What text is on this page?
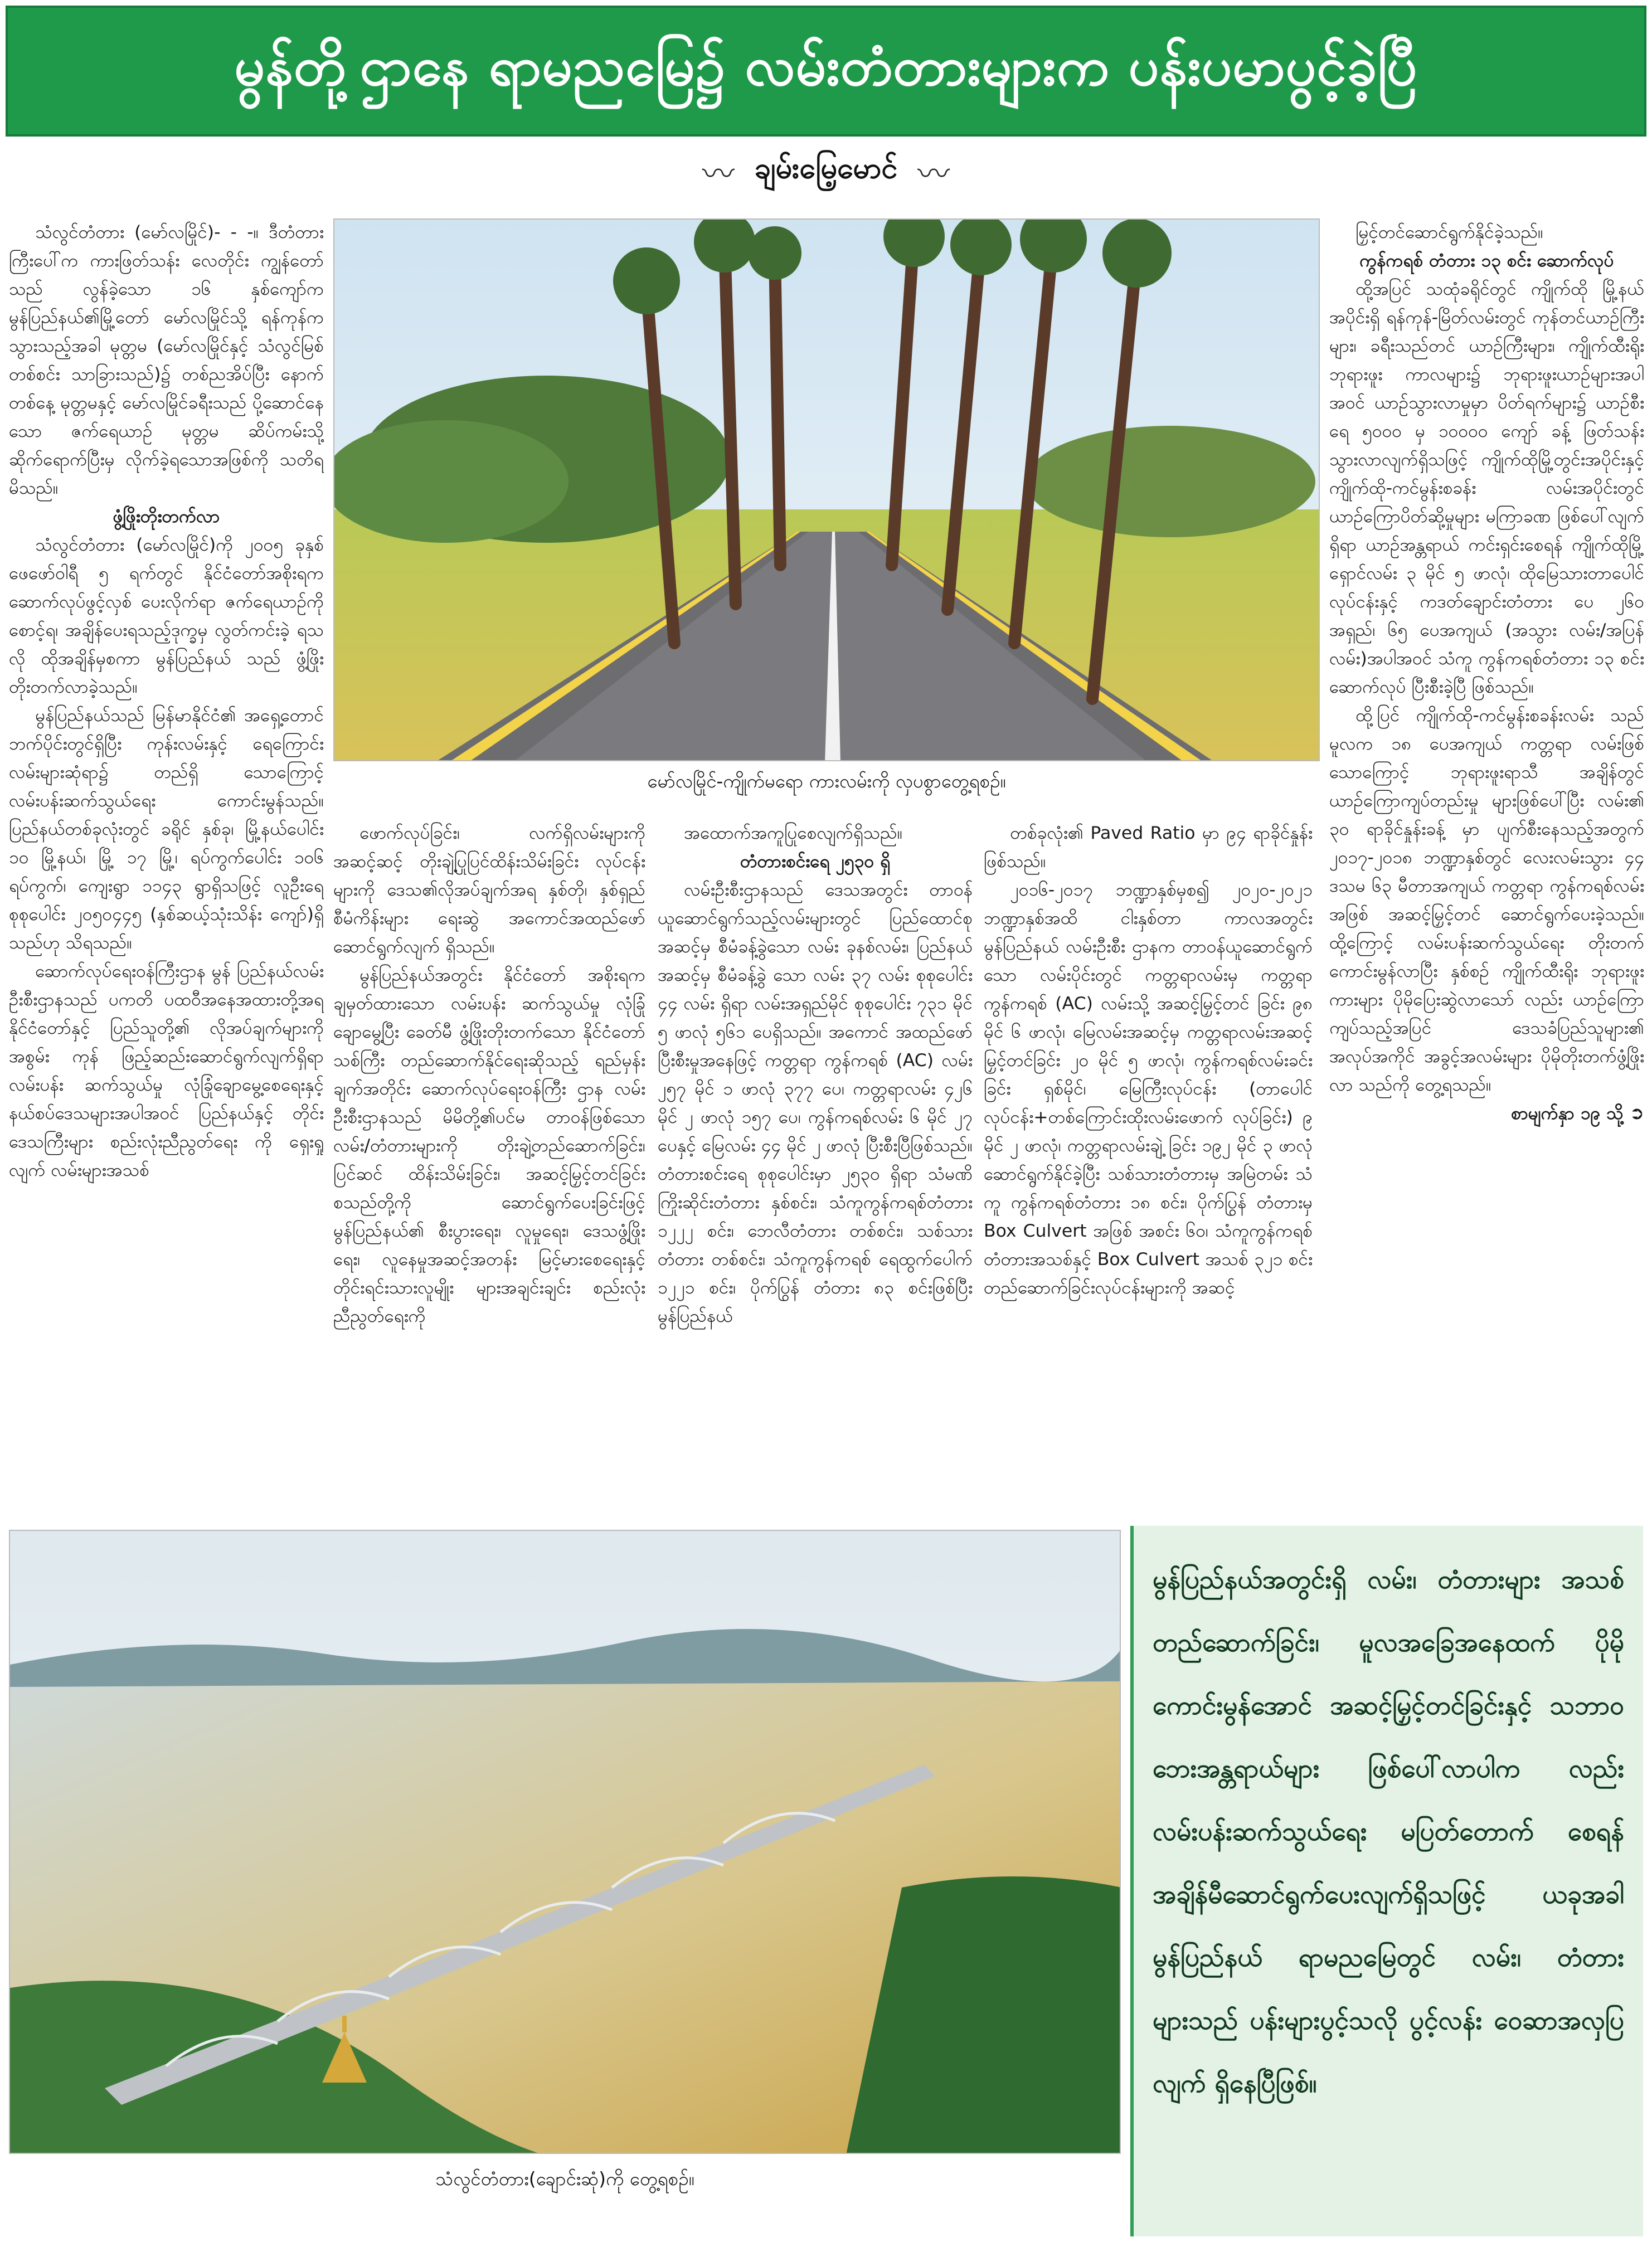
မွန်တို့ဌာနေ ရာမညမြေ၌ လမ်းတံတားများက ပန်းပမာပွင့်ခဲ့ပြီ
〰 ချမ်းမြေ့မောင် 〰

သံလွင်တံတား (မော်လမြိုင်)- - -။ ဒီတံတားကြီးပေါ်က ကားဖြတ်သန်း လေတိုင်း ကျွန်တော်သည် လွန်ခဲ့သော ၁၆ နှစ်ကျော်က မွန်ပြည်နယ်၏မြို့တော် မော်လမြိုင်သို့ ရန်ကုန်က သွားသည့်အခါ မုတ္တမ (မော်လမြိုင်နှင့် သံလွင်မြစ်တစ်စင်း သာခြားသည်)၌ တစ်ညအိပ်ပြီး နောက် တစ်နေ့ မုတ္တမနှင့် မော်လမြိုင်ခရီးသည် ပို့ဆောင်နေသော ဇက်ရေယာဉ် မုတ္တမ ဆိပ်ကမ်းသို့ ဆိုက်ရောက်ပြီးမှ လိုက်ခဲ့ရသောအဖြစ်ကို သတိရမိသည်။

ဖွံ့ဖြိုးတိုးတက်လာ

သံလွင်တံတား (မော်လမြိုင်)ကို ၂၀၀၅ ခုနှစ် ဖေဖော်ဝါရီ ၅ ရက်တွင် နိုင်ငံတော်အစိုးရက ဆောက်လုပ်ဖွင့်လှစ် ပေးလိုက်ရာ ဇက်ရေယာဉ်ကို စောင့်ရ၊ အချိန်ပေးရသည့်ဒုက္ခမှ လွတ်ကင်းခဲ့ ရသလို ထိုအချိန်မှစကာ မွန်ပြည်နယ် သည် ဖွံ့ဖြိုးတိုးတက်လာခဲ့သည်။

မွန်ပြည်နယ်သည် မြန်မာနိုင်ငံ၏ အရှေ့တောင်ဘက်ပိုင်းတွင်ရှိပြီး ကုန်းလမ်းနှင့် ရေကြောင်းလမ်းများဆုံရာ၌ တည်ရှိ သောကြောင့် လမ်းပန်းဆက်သွယ်ရေး ကောင်းမွန်သည်။ ပြည်နယ်တစ်ခုလုံးတွင် ခရိုင် နှစ်ခု၊ မြို့နယ်ပေါင်း ၁၀ မြို့နယ်၊ မြို့ ၁၇ မြို့၊ ရပ်ကွက်ပေါင်း ၁၀၆ ရပ်ကွက်၊ ကျေးရွာ ၁၁၄၃ ရွာရှိသဖြင့် လူဦးရေ စုစုပေါင်း ၂၀၅၀၄၄၅ (နှစ်ဆယ့်သုံးသိန်း ကျော်)ရှိသည်ဟု သိရသည်။

ဆောက်လုပ်ရေးဝန်ကြီးဌာန မွန် ပြည်နယ်လမ်းဦးစီးဌာနသည် ပကတိ ပထဝီအနေအထားတို့အရ နိုင်ငံတော်နှင့် ပြည်သူတို့၏ လိုအပ်ချက်များကို အစွမ်း ကုန် ဖြည့်ဆည်းဆောင်ရွက်လျက်ရှိရာ လမ်းပန်း ဆက်သွယ်မှု လုံခြုံချောမွေ့စေရေးနှင့် နယ်စပ်ဒေသများအပါအဝင် ပြည်နယ်နှင့် တိုင်းဒေသကြီးများ စည်းလုံးညီညွတ်ရေး ကို ရှေးရှုလျက် လမ်းများအသစ်

မော်လမြိုင်-ကျိုက်မရော ကားလမ်းကို လှပစွာတွေ့ရစဉ်။

ဖောက်လုပ်ခြင်း၊ လက်ရှိလမ်းများကို အဆင့်ဆင့် တိုးချဲ့ပြုပြင်ထိန်းသိမ်းခြင်း လုပ်ငန်းများကို ဒေသ၏လိုအပ်ချက်အရ နှစ်တို၊ နှစ်ရှည်စီမံကိန်းများ ရေးဆွဲ အကောင်အထည်ဖော် ဆောင်ရွက်လျက် ရှိသည်။

မွန်ပြည်နယ်အတွင်း နိုင်ငံတော် အစိုးရက ချမှတ်ထားသော လမ်းပန်း ဆက်သွယ်မှု လုံခြုံချောမွေ့ပြီး ခေတ်မီ ဖွံ့ဖြိုးတိုးတက်သော နိုင်ငံတော်သစ်ကြီး တည်ဆောက်နိုင်ရေးဆိုသည့် ရည်မှန်း ချက်အတိုင်း ဆောက်လုပ်ရေးဝန်ကြီး ဌာန လမ်းဦးစီးဌာနသည် မိမိတို့၏ပင်မ တာဝန်ဖြစ်သော လမ်း/တံတားများကို တိုးချဲ့တည်ဆောက်ခြင်း၊ ပြင်ဆင် ထိန်းသိမ်းခြင်း၊ အဆင့်မြှင့်တင်ခြင်း စသည်တို့ကို ဆောင်ရွက်ပေးခြင်းဖြင့် မွန်ပြည်နယ်၏ စီးပွားရေး၊ လူမှုရေး၊ ဒေသဖွံ့ဖြိုးရေး၊ လူနေမှုအဆင့်အတန်း မြင့်မားစေရေးနှင့် တိုင်းရင်းသားလူမျိုး များအချင်းချင်း စည်းလုံးညီညွတ်ရေးကို

အထောက်အကူပြုစေလျက်ရှိသည်။

တံတားစင်းရေ ၂၅၃၀ ရှိ

လမ်းဦးစီးဌာနသည် ဒေသအတွင်း တာဝန်ယူဆောင်ရွက်သည့်လမ်းများတွင် ပြည်ထောင်စုအဆင့်မှ စီမံခန့်ခွဲသော လမ်း ခုနစ်လမ်း၊ ပြည်နယ်အဆင့်မှ စီမံခန့်ခွဲ သော လမ်း ၃၇ လမ်း စုစုပေါင်း ၄၄ လမ်း ရှိရာ လမ်းအရှည်မိုင် စုစုပေါင်း ၇၃၁ မိုင် ၅ ဖာလုံ ၅၆၁ ပေရှိသည်။ အကောင် အထည်ဖော်ပြီးစီးမှုအနေဖြင့် ကတ္တရာ ကွန်ကရစ် (AC) လမ်း ၂၅၇ မိုင် ၁ ဖာလုံ ၃၇၇ ပေ၊ ကတ္တရာလမ်း ၄၂၆ မိုင် ၂ ဖာလုံ ၁၅၇ ပေ၊ ကွန်ကရစ်လမ်း ၆ မိုင် ၂၇ ပေနှင့် မြေလမ်း ၄၄ မိုင် ၂ ဖာလုံ ပြီးစီးပြီဖြစ်သည်။ တံတားစင်းရေ စုစုပေါင်းမှာ ၂၅၃၀ ရှိရာ သံမဏိကြိုးဆိုင်းတံတား နှစ်စင်း၊ သံကူကွန်ကရစ်တံတား ၁၂၂၂ စင်း၊ ဘေလီတံတား တစ်စင်း၊ သစ်သား တံတား တစ်စင်း၊ သံကူကွန်ကရစ် ရေထွက်ပေါက် ၁၂၂၁ စင်း၊ ပိုက်ပြွန် တံတား ၈၃ စင်းဖြစ်ပြီး မွန်ပြည်နယ်

တစ်ခုလုံး၏ Paved Ratio မှာ ၉၄ ရာခိုင်နှုန်းဖြစ်သည်။

၂၀၁၆-၂၀၁၇ ဘဏ္ဍာနှစ်မှစ၍ ၂၀၂၀-၂၀၂၁ ဘဏ္ဍာနှစ်အထိ ငါးနှစ်တာ ကာလအတွင်း မွန်ပြည်နယ် လမ်းဦးစီး ဌာနက တာဝန်ယူဆောင်ရွက်သော လမ်းပိုင်းတွင် ကတ္တရာလမ်းမှ ကတ္တရာ ကွန်ကရစ် (AC) လမ်းသို့ အဆင့်မြှင့်တင် ခြင်း ၉၈ မိုင် ၆ ဖာလုံ၊ မြေလမ်းအဆင့်မှ ကတ္တရာလမ်းအဆင့်မြှင့်တင်ခြင်း ၂၀ မိုင် ၅ ဖာလုံ၊ ကွန်ကရစ်လမ်းခင်းခြင်း ရှစ်မိုင်၊ မြေကြီးလုပ်ငန်း (တာပေါင် လုပ်ငန်း+တစ်ကြောင်းထိုးလမ်းဖောက် လုပ်ခြင်း) ၉ မိုင် ၂ ဖာလုံ၊ ကတ္တရာလမ်းချဲ့ ခြင်း ၁၉၂ မိုင် ၃ ဖာလုံ ဆောင်ရွက်နိုင်ခဲ့ပြီး သစ်သားတံတားမှ အမြဲတမ်း သံကူ ကွန်ကရစ်တံတား ၁၈ စင်း၊ ပိုက်ပြွန် တံတားမှ Box Culvert အဖြစ် အစင်း ၆၀၊ သံကူကွန်ကရစ်တံတားအသစ်နှင့် Box Culvert အသစ် ၃၂၁ စင်း တည်ဆောက်ခြင်းလုပ်ငန်းများကို အဆင့်

မြှင့်တင်ဆောင်ရွက်နိုင်ခဲ့သည်။

ကွန်ကရစ် တံတား ၁၃ စင်း ဆောက်လုပ်

ထို့အပြင် သထုံခရိုင်တွင် ကျိုက်ထို မြို့နယ်အပိုင်းရှိ ရန်ကုန်-မြိတ်လမ်းတွင် ကုန်တင်ယာဉ်ကြီးများ၊ ခရီးသည်တင် ယာဉ်ကြီးများ၊ ကျိုက်ထီးရိုးဘုရားဖူး ကာလများ၌ ဘုရားဖူးယာဉ်များအပါ အဝင် ယာဉ်သွားလာမှုမှာ ပိတ်ရက်များ၌ ယာဉ်စီးရေ ၅၀၀၀ မှ ၁၀၀၀၀ ကျော် ခန့် ဖြတ်သန်းသွားလာလျက်ရှိသဖြင့် ကျိုက်ထိုမြို့တွင်းအပိုင်းနှင့် ကျိုက်ထို-ကင်မွန်းစခန်း လမ်းအပိုင်းတွင် ယာဉ်ကြောပိတ်ဆို့မှုများ မကြာခဏ ဖြစ်ပေါ်လျက်ရှိရာ ယာဉ်အန္တရာယ် ကင်းရှင်းစေရန် ကျိုက်ထိုမြို့ရှောင်လမ်း ၃ မိုင် ၅ ဖာလုံ၊ ထိုမြေသားတာပေါင် လုပ်ငန်းနှင့် ကဒတ်ချောင်းတံတား ပေ ၂၆၀ အရှည်၊ ၆၅ ပေအကျယ် (အသွား လမ်း/အပြန်လမ်း)အပါအဝင် သံကူ ကွန်ကရစ်တံတား ၁၃ စင်း ဆောက်လုပ် ပြီးစီးခဲ့ပြီ ဖြစ်သည်။

ထို့ပြင် ကျိုက်ထို-ကင်မွန်းစခန်းလမ်း သည် မူလက ၁၈ ပေအကျယ် ကတ္တရာ လမ်းဖြစ်သောကြောင့် ဘုရားဖူးရာသီ အချိန်တွင် ယာဉ်ကြောကျပ်တည်းမှု များဖြစ်ပေါ်ပြီး လမ်း၏ ၃၀ ရာခိုင်နှုန်းခန့် မှာ ပျက်စီးနေသည့်အတွက် ၂၀၁၇-၂၀၁၈ ဘဏ္ဍာနှစ်တွင် လေးလမ်းသွား ၄၄ ဒသမ ၆၃ မီတာအကျယ် ကတ္တရာ ကွန်ကရစ်လမ်းအဖြစ် အဆင့်မြှင့်တင် ဆောင်ရွက်ပေးခဲ့သည်။ ထို့ကြောင့် လမ်းပန်းဆက်သွယ်ရေး တိုးတက် ကောင်းမွန်လာပြီး နှစ်စဉ် ကျိုက်ထီးရိုး ဘုရားဖူးကားများ ပိုမိုပြေးဆွဲလာသော် လည်း ယာဉ်ကြောကျပ်သည့်အပြင် ဒေသခံပြည်သူများ၏ အလုပ်အကိုင် အခွင့်အလမ်းများ ပိုမိုတိုးတက်ဖွံ့ဖြိုးလာ သည်ကို တွေ့ရသည်။

စာမျက်နှာ ၁၉ သို့ ➲

သံလွင်တံတား(ချောင်းဆုံ)ကို တွေ့ရစဉ်။
မွန်ပြည်နယ်အတွင်းရှိ လမ်း၊ တံတားများ အသစ်တည်ဆောက်ခြင်း၊ မူလအခြေအနေထက် ပိုမိုကောင်းမွန်အောင် အဆင့်မြှင့်တင်ခြင်းနှင့် သဘာဝဘေးအန္တရာယ်များ ဖြစ်ပေါ်လာပါက လည်း လမ်းပန်းဆက်သွယ်ရေး မပြတ်တောက် စေရန် အချိန်မီဆောင်ရွက်ပေးလျက်ရှိသဖြင့် ယခုအခါ မွန်ပြည်နယ် ရာမညမြေတွင် လမ်း၊ တံတားများသည် ပန်းများပွင့်သလို ပွင့်လန်း ဝေဆာအလှပြလျက် ရှိနေပြီဖြစ်။
